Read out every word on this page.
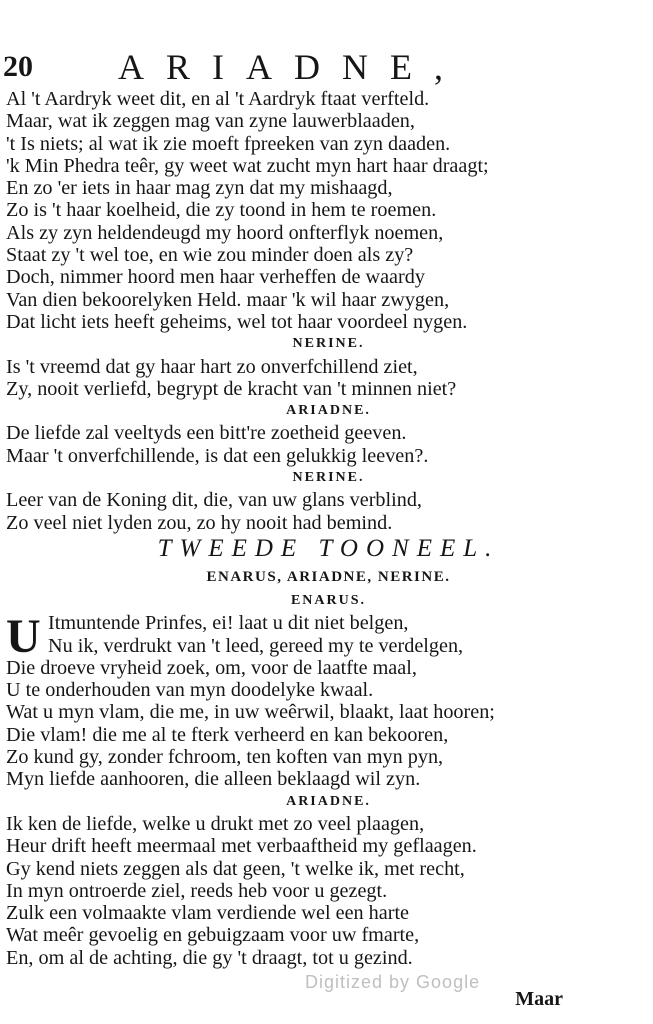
20 ARIADNE,
Al 't Aardryk weet dit, en al 't Aardryk ftaat verfteld.
Maar, wat ik zeggen mag van zyne lauwerblaaden,
't Is niets; al wat ik zie moeft fpreeken van zyn daaden.
'k Min Phedra teêr, gy weet wat zucht myn hart haar draagt;
En zo 'er iets in haar mag zyn dat my mishaagd,
Zo is 't haar koelheid, die zy toond in hem te roemen.
Als zy zyn heldendeugd my hoord onfterflyk noemen,
Staat zy 't wel toe, en wie zou minder doen als zy?
Doch, nimmer hoord men haar verheffen de waardy
Van dien bekoorelyken Held. maar 'k wil haar zwygen,
Dat licht iets heeft geheims, wel tot haar voordeel nygen.
NERINE.
Is 't vreemd dat gy haar hart zo onverfchillend ziet,
Zy, nooit verliefd, begrypt de kracht van 't minnen niet?
ARIADNE.
De liefde zal veeltyds een bitt're zoetheid geeven.
Maar 't onverfchillende, is dat een gelukkig leeven?.
NERINE.
Leer van de Koning dit, die, van uw glans verblind,
Zo veel niet lyden zou, zo hy nooit had bemind.
TWEEDE TOONEEL.
ENARUS, ARIADNE, NERINE.
ENARUS.
U Itmuntende Prinfes, ei! laat u dit niet belgen,
Nu ik, verdrukt van 't leed, gereed my te verdelgen,
Die droeve vryheid zoek, om, voor de laatfte maal,
U te onderhouden van myn doodelyke kwaal.
Wat u myn vlam, die me, in uw weêrwil, blaakt, laat hooren;
Die vlam! die me al te fterk verheerd en kan bekooren,
Zo kund gy, zonder fchroom, ten koften van myn pyn,
Myn liefde aanhooren, die alleen beklaagd wil zyn.
ARIADNE.
Ik ken de liefde, welke u drukt met zo veel plaagen,
Heur drift heeft meermaal met verbaaftheid my geflaagen.
Gy kend niets zeggen als dat geen, 't welke ik, met recht,
In myn ontroerde ziel, reeds heb voor u gezegt.
Zulk een volmaakte vlam verdiende wel een harte
Wat meêr gevoelig en gebuigzaam voor uw fmarte,
En, om al de achting, die gy 't draagt, tot u gezind.
Digitized by Google
Maar
